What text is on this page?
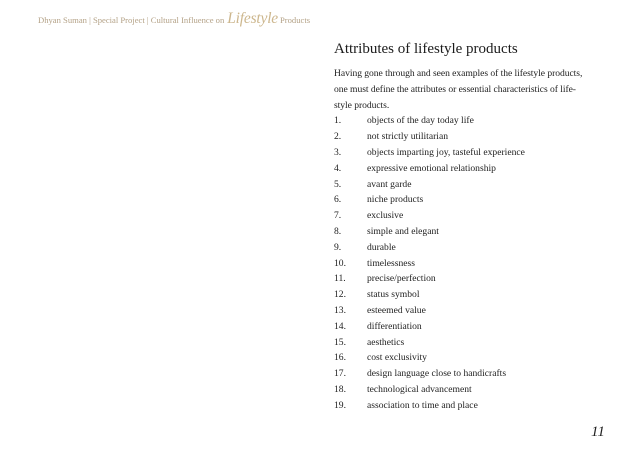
Dhyan Suman | Special Project | Cultural Influence on Lifestyle Products
Attributes of lifestyle products
Having gone through and seen examples of the lifestyle products,
one must define the attributes or essential characteristics of life-
style products.
1.	objects of the day today life
2.	not strictly utilitarian
3.	objects imparting joy, tasteful experience
4.	expressive emotional relationship
5.	avant garde
6.	niche products
7.	exclusive
8.	simple and elegant
9.	durable
10.	timelessness
11.	precise/perfection
12.	status symbol
13.	esteemed value
14.	differentiation
15.	aesthetics
16.	cost exclusivity
17.	design language close to handicrafts
18.	technological advancement
19.	association to time and place
11
